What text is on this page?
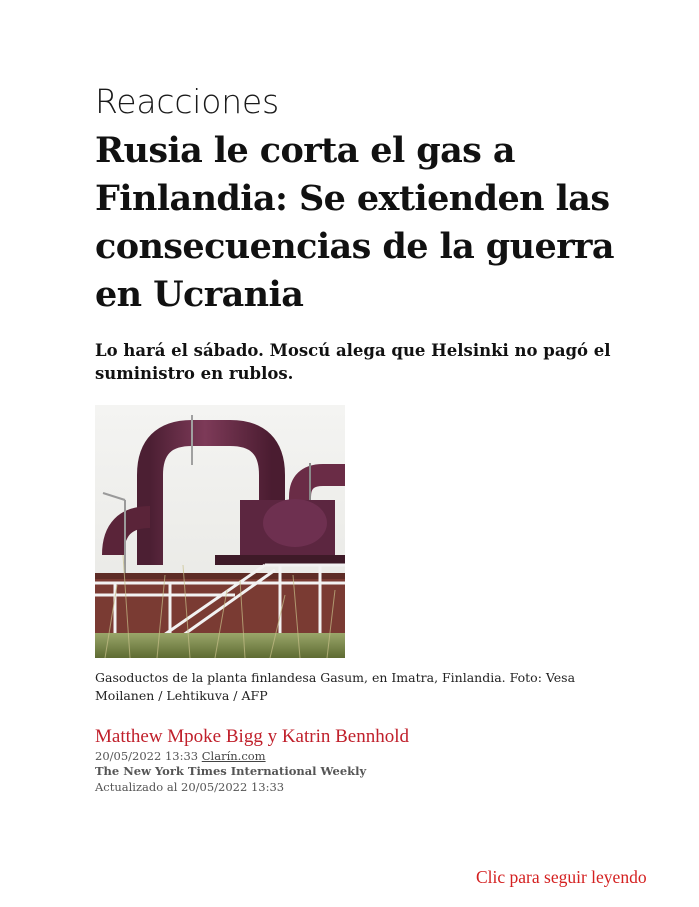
Reacciones
Rusia le corta el gas a Finlandia: Se extienden las consecuencias de la guerra en Ucrania

Lo hará el sábado. Moscú alega que Helsinki no pagó el suministro en rublos.

Gasoductos de la planta finlandesa Gasum, en Imatra, Finlandia. Foto: Vesa Moilanen / Lehtikuva / AFP

Matthew Mpoke Bigg y Katrin Bennhold
20/05/2022 13:33 Clarín.com
The New York Times International Weekly
Actualizado al 20/05/2022 13:33
Clic para seguir leyendo
